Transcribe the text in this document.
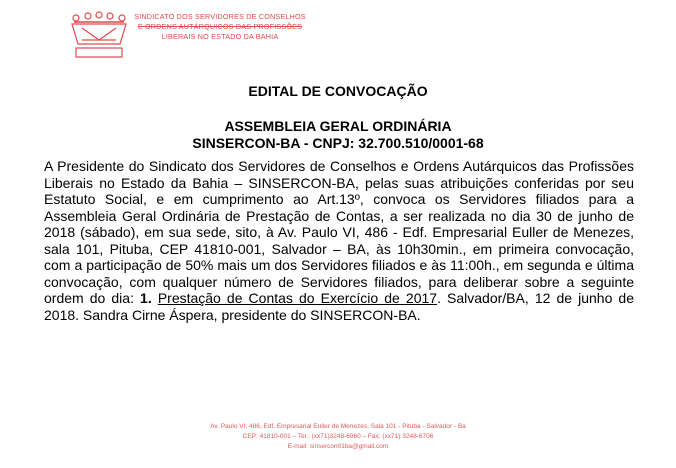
SINDICATO DOS SERVIDORES DE CONSELHOS
E ORDENS AUTÁRQUICOS DAS PROFISSÕES
LIBERAIS NO ESTADO DA BAHIA
EDITAL DE CONVOCAÇÃO
ASSEMBLEIA GERAL ORDINÁRIA
SINSERCON-BA - CNPJ: 32.700.510/0001-68

A Presidente do Sindicato dos Servidores de Conselhos e Ordens Autárquicos das Profissões Liberais no Estado da Bahia – SINSERCON-BA, pelas suas atribuições conferidas por seu Estatuto Social, e em cumprimento ao Art.13º, convoca os Servidores filiados para a Assembleia Geral Ordinária de Prestação de Contas, a ser realizada no dia 30 de junho de 2018 (sábado), em sua sede, sito, à Av. Paulo VI, 486 - Edf. Empresarial Euller de Menezes, sala 101, Pituba, CEP 41810-001, Salvador – BA, às 10h30min., em primeira convocação, com a participação de 50% mais um dos Servidores filiados e às 11:00h., em segunda e última convocação, com qualquer número de Servidores filiados, para deliberar sobre a seguinte ordem do dia: 1. Prestação de Contas do Exercício de 2017. Salvador/BA, 12 de junho de 2018. Sandra Cirne Áspera, presidente do SINSERCON-BA.

Av. Paulo VI, 486, Edf. Empresarial Euller de Menezes, Sala 101 - Pituba - Salvador - Ba
CEP: 41810-001 – Tel.: (xx71)3248-6960 – Fax: (xx71) 3248-6706
E-mail: sinsercon01ba@gmail.com
